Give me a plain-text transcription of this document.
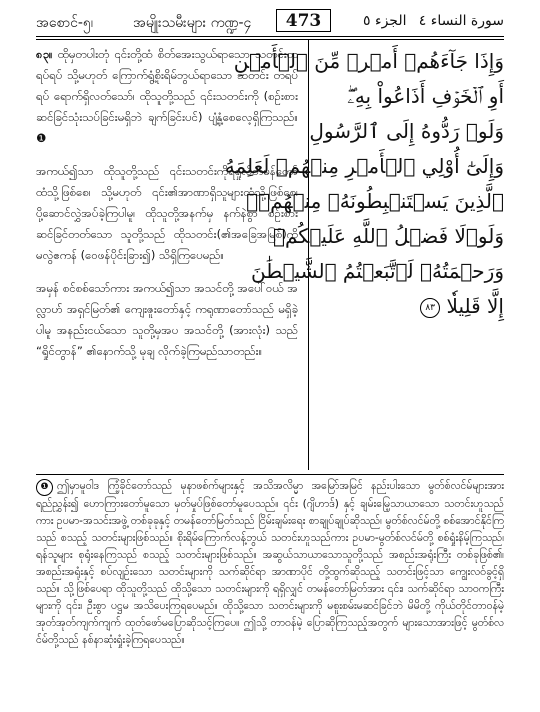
အစောင်-၅၊	အမျိုးသမီးများ ကဏ္ဍ-၄	473	الجزء ٥ سورة النساء ٤

၈၃။ ထိုမှတပါးတုံ ၎င်းတို့ထံ စိတ်အေးသွယ်ရာသော သတင်းတရပ်ရပ် သို့မဟုတ် ကြောက်ရွံ့စိုးရိမ်ဘွယ်ရာသော သတင်း တရပ်ရပ် ရောက်ရှိလတ်သော်၊ ထိုသူတို့သည် ၎င်းသတင်းကို (စဉ်းစားဆင်ခြင်သုံးသပ်ခြင်းမရှိဘဲ ချက်ခြင်းပင်) ပျံ့နှံ့စေလေ့ရှိကြသည်။ ❶

အကယ်၍သာ ထိုသူတို့သည် ၎င်းသတင်းကိုရရှုလ်တမန်တော်ထံသို့ဖြစ်စေ၊ သို့မဟုတ် ၎င်း၏အာဏာရှိသူများထံသို့ဖြစ်စေ၊ ပို့ဆောင်လွှဲအပ်ခဲ့ကြပါမူ၊ ထိုသူတို့အနက်မှ နက်နဲစွာ စဉ်းစားဆင်ခြင်တတ်သော သူတို့သည် ထိုသတင်း(၏အခြေအမြစ်)ကို မလွဲဧကန် (ဝေဖန်ပိုင်းခြား၍) သိရှိကြပေမည်။

အမှန် စင်စစ်သော်ကား အကယ်၍သာ အသင်တို့ အပေါ်ဝယ် အလ္လာဟ် အရှင်မြတ်၏ ကျေးဇူးတော်နှင့် ကရုဏာတော်သည် မရှိခဲ့ပါမူ အနည်းငယ်သော သူတို့မှအပ အသင်တို့ (အားလုံး) သည် “ရှိုင်တွာန်” ၏နောက်သို့ မုချ လိုက်ခဲ့ကြမည်သာတည်း။

وَإِذَا جَآءَهُمۡ أَمۡرٞ مِّنَ ٱلۡأَمۡنِ
أَوِ ٱلۡخَوۡفِ أَذَاعُواْ بِهِۦۖ
وَلَوۡ رَدُّوهُ إِلَى ٱلرَّسُولِ
وَإِلَىٰٓ أُوْلِي ٱلۡأَمۡرِ مِنۡهُمۡ لَعَلِمَهُ
ٱلَّذِينَ يَسۡتَنۢبِطُونَهُۥ مِنۡهُمۡۗ
وَلَوۡلَا فَضۡلُ ٱللَّهِ عَلَيۡكُمۡ
وَرَحۡمَتُهُۥ لَٱتَّبَعۡتُمُ ٱلشَّيۡطَٰنَ
إِلَّا قَلِيلٗا ٨٣
❶ ဤမှာမူ၀ါဒ ကြံ့ခိုင်တော်သည် မုနာဖစ်က်များနှင့် အသိအလိမ္မာ အမြော်အမြင် နည်းပါးသော မွတ်စ်လင်မ်များအား ရည်ညွှန်း၍ ဟောကြားတော်မူသော မှတ်မှုပ်ဖြစ်တော်မူပေသည်။ ၎င်း (ဂျိဟာဒ်) နှင့် ချမ်းမြေ့သာယာသော သတင်းဟူသည်ကား ဥပမာ-အသင်းအဖွဲ့ တစ်ခုခုနှင့် တမန်တော်မြတ်သည် ငြိမ်းချမ်းရေး စာချုပ်ချုပ်ဆိုသည်၊ မွတ်စ်လင်မ်တို့ စစ်အောင်နိုင်ကြသည် စသည့် သတင်းများဖြစ်သည်။ စိုးရိမ်ကြောက်လန့်ဘွယ် သတင်းဟူသည်ကား ဥပမာ-မွတ်စ်လင်မ်တို့ စစ်ရှုံးနိမ့်ကြသည်၊ ရန်သူများ စုရုံးနေကြသည် စသည့် သတင်းများဖြစ်သည်။ အဆွယ်သာယာသောသူတို့သည် အစည်းအရုံးကြီး တစ်ခုဖြစ်၏၊ အစည်းအရုံးနှင့် စပ်လျဉ်းသော သတင်းများကို သက်ဆိုင်ရာ အာဏာပိုင် တို့ထွက်ဆိုသည့် သတင်းဖြင့်သာ ကျွေးလဝ်ခွင့်ရှိသည်။ သို့ဖြစ်ပေရာ ထိုသူတို့သည် ထိုသို့သော သတင်းများကို ရရှိလျှင် တမန်တော်မြတ်အား ၎င်း၊ သက်ဆိုင်ရာ သာဝကကြီးများကို ၎င်း၊ ဦးစွာ ပဋ္ဌမ အသိပေးကြရပေမည်။ ထိုသို့သော သတင်းများကို မစူးစမ်းမဆင်ခြင်ဘဲ မိမိတို့ ကိုယ်တိုင်တာဝန်မဲ့ အုတ်အုတ်ကျက်ကျက် ထုတ်ဖော်မပြောဆိုသင့်ကြပေ။ ဤသို့ တာဝန်မဲ့ ပြောဆိုကြသည့်အတွက် များသောအားဖြင့် မွတ်စ်လင်မ်တို့သည် နစ်နာဆုံးရှုံးခဲ့ကြရပေသည်။
